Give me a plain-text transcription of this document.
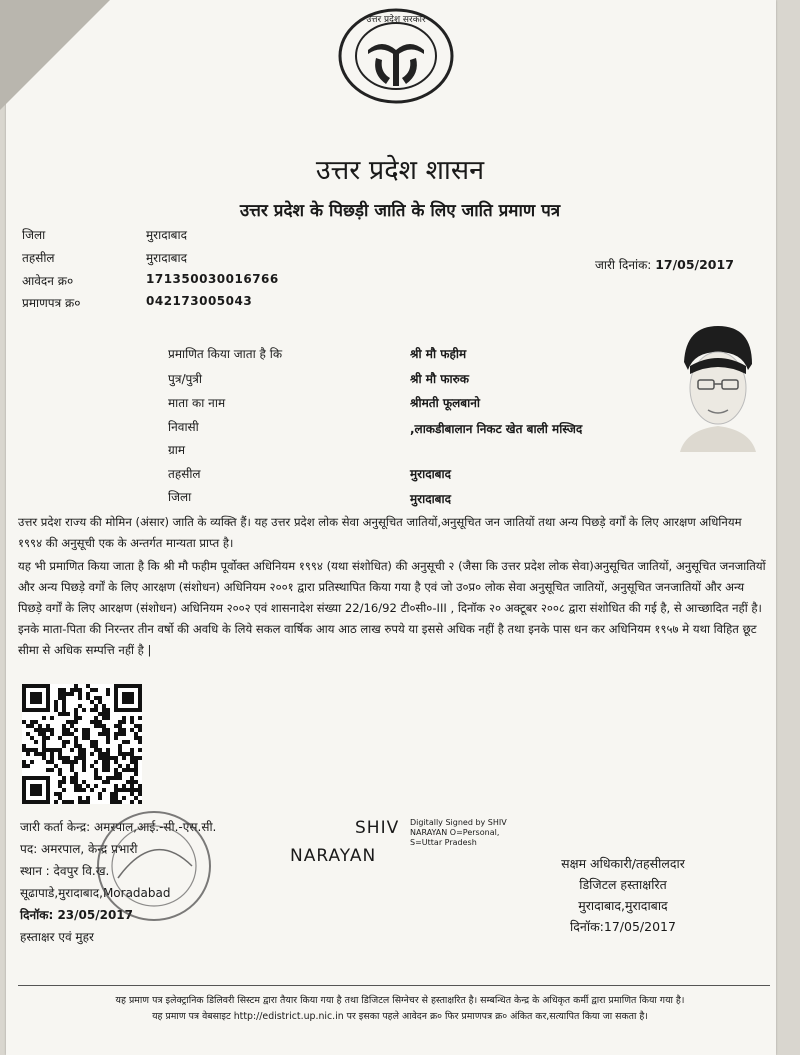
उत्तर प्रदेश सरकार
उत्तर प्रदेश शासन
उत्तर प्रदेश के पिछड़ी जाति के लिए जाति प्रमाण पत्र
जिला	मुरादाबाद
तहसील	मुरादाबाद
आवेदन क्र०	171350030016766
प्रमाणपत्र क्र०	042173005043
जारी दिनांक: 17/05/2017
प्रमाणित किया जाता है कि	श्री मौ फहीम
पुत्र/पुत्री	श्री मौ फारुक
माता का नाम	श्रीमती फूलबानो
निवासी	,लाकडीबालान निकट खेत बाली मस्जिद
ग्राम
तहसील	मुरादाबाद
जिला	मुरादाबाद
उत्तर प्रदेश राज्य की मोमिन (अंसार) जाति के व्यक्ति हैं। यह उत्तर प्रदेश लोक सेवा अनुसूचित जातियों,अनुसूचित जन जातियों तथा अन्य पिछड़े वर्गों के लिए आरक्षण अधिनियम १९९४ की अनुसूची एक के अन्तर्गत मान्यता प्राप्त है।
यह भी प्रमाणित किया जाता है कि श्री मौ फहीम पूर्वोक्त अधिनियम १९९४ (यथा संशोधित) की अनुसूची २ (जैसा कि उत्तर प्रदेश लोक सेवा)अनुसूचित जातियों, अनुसूचित जनजातियों और अन्य पिछड़े वर्गों के लिए आरक्षण (संशोधन) अधिनियम २००१ द्वारा प्रतिस्थापित किया गया है एवं जो उ०प्र० लोक सेवा अनुसूचित जातियों, अनुसूचित जनजातियों और अन्य पिछड़े वर्गों के लिए आरक्षण (संशोधन) अधिनियम २००२ एवं शासनादेश संख्या 22/16/92 टी०सी०-III , दिनॉक २० अक्टूबर २००८ द्वारा संशोधित की गई है, से आच्छादित नहीं है।इनके माता-पिता की निरन्तर तीन वर्षो की अवधि के लिये सकल वार्षिक आय आठ लाख रुपये या इससे अधिक नहीं है तथा इनके पास धन कर अधिनियम १९५७ मे यथा विहित छूट सीमा से अधिक सम्पत्ति नहीं है |
जारी कर्ता केन्द्र: अमरपाल,आई.-सी.-एस.सी.
पद: अमरपाल, केन्द्र प्रभारी
स्थान : देवपुर वि.ख.
सूढापाडे,मुरादाबाद,Moradabad
दिनॉक: 23/05/2017
हस्ताक्षर एवं मुहर
SHIV
NARAYAN
Digitally Signed by SHIV
NARAYAN O=Personal,
S=Uttar Pradesh
सक्षम अधिकारी/तहसीलदार
डिजिटल हस्ताक्षरित
मुरादाबाद,मुरादाबाद
दिनॉक:17/05/2017
यह प्रमाण पत्र इलेक्ट्रानिक डिलिवरी सिस्टम द्वारा तैयार किया गया है तथा डिजिटल सिग्नेचर से हस्ताक्षरित है। सम्बन्धित केन्द्र के अधिकृत कर्मी द्वारा प्रमाणित किया गया है।
यह प्रमाण पत्र वेबसाइट http://edistrict.up.nic.in पर इसका पहले आवेदन क्र० फिर प्रमाणपत्र क्र० अंकित कर,सत्यापित किया जा सकता है।
